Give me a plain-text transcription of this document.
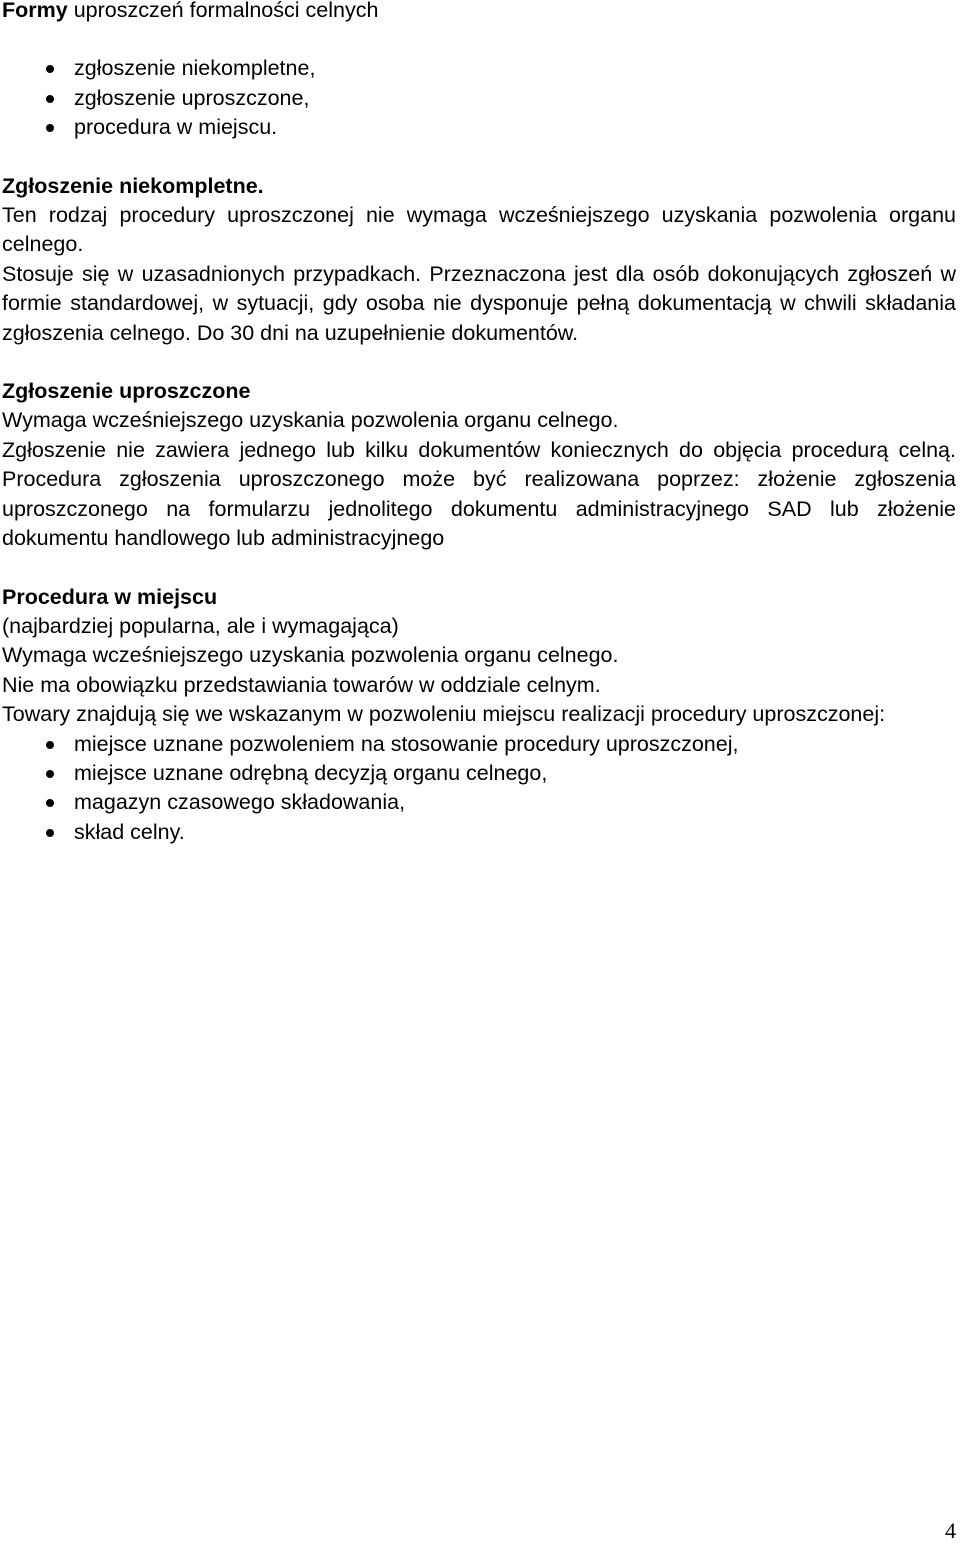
Formy uproszczeń formalności celnych

zgłoszenie niekompletne,
zgłoszenie uproszczone,
procedura w miejscu.

Zgłoszenie niekompletne.

Ten rodzaj procedury uproszczonej nie wymaga wcześniejszego uzyskania pozwolenia organu celnego.

Stosuje się w uzasadnionych przypadkach. Przeznaczona jest dla osób dokonujących zgłoszeń w formie standardowej, w sytuacji, gdy osoba nie dysponuje pełną dokumentacją w chwili składania zgłoszenia celnego. Do 30 dni na uzupełnienie dokumentów.

Zgłoszenie uproszczone

Wymaga wcześniejszego uzyskania pozwolenia organu celnego.

Zgłoszenie nie zawiera jednego lub kilku dokumentów koniecznych do objęcia procedurą celną. Procedura zgłoszenia uproszczonego może być realizowana poprzez: złożenie zgłoszenia uproszczonego na formularzu jednolitego dokumentu administracyjnego SAD lub złożenie dokumentu handlowego lub administracyjnego

Procedura w miejscu

(najbardziej popularna, ale i wymagająca)

Wymaga wcześniejszego uzyskania pozwolenia organu celnego.

Nie ma obowiązku przedstawiania towarów w oddziale celnym.

Towary znajdują się we wskazanym w pozwoleniu miejscu realizacji procedury uproszczonej:

miejsce uznane pozwoleniem na stosowanie procedury uproszczonej,
miejsce uznane odrębną decyzją organu celnego,
magazyn czasowego składowania,
skład celny.
4
